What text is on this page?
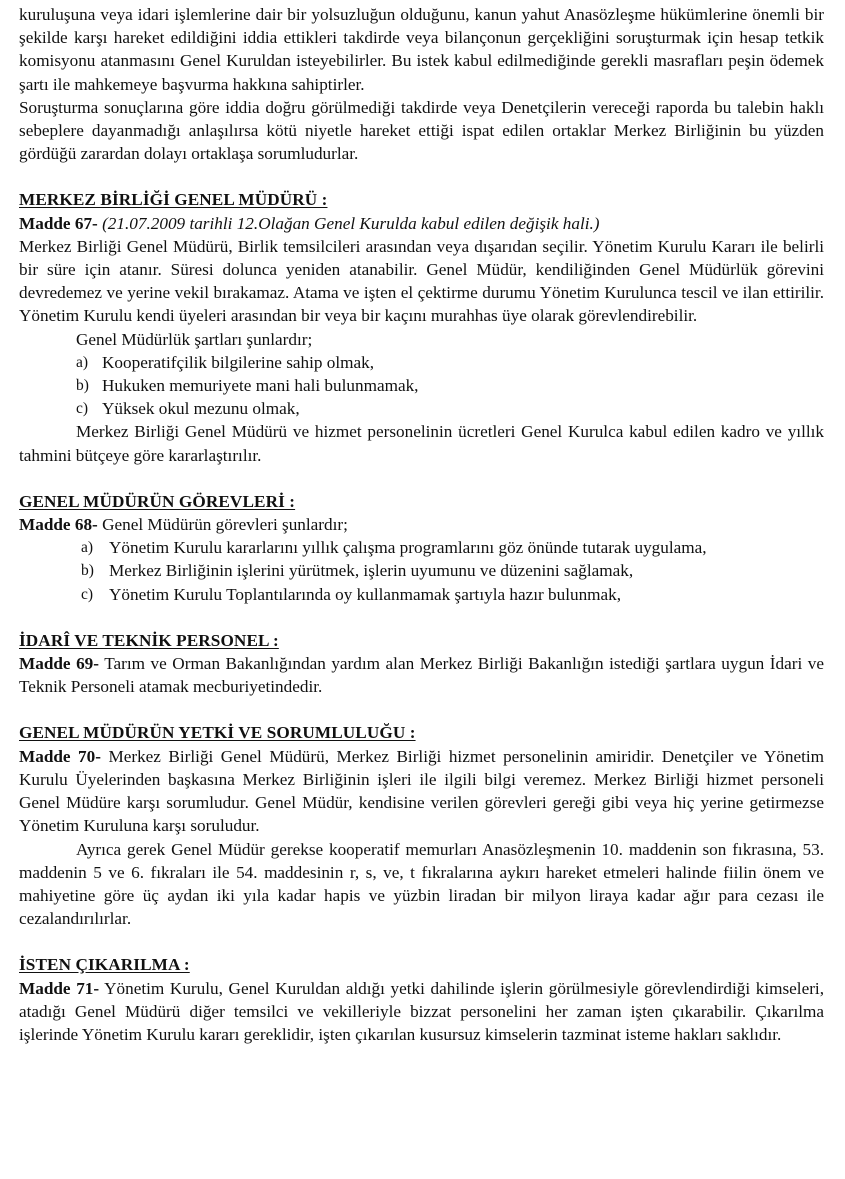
kuruluşuna veya idari işlemlerine dair bir yolsuzluğun olduğunu, kanun yahut Anasözleşme hükümlerine önemli bir şekilde karşı hareket edildiğini iddia ettikleri takdirde veya bilançonun gerçekliğini soruşturmak için hesap tetkik komisyonu atanmasını Genel Kuruldan isteyebilirler. Bu istek kabul edilmediğinde gerekli masrafları peşin ödemek şartı ile mahkemeye başvurma hakkına sahiptirler.

Soruşturma sonuçlarına göre iddia doğru görülmediği takdirde veya Denetçilerin vereceği raporda bu talebin haklı sebeplere dayanmadığı anlaşılırsa kötü niyetle hareket ettiği ispat edilen ortaklar Merkez Birliğinin bu yüzden gördüğü zarardan dolayı ortaklaşa sorumludurlar.

MERKEZ BİRLİĞİ GENEL MÜDÜRÜ :

Madde 67- (21.07.2009 tarihli 12.Olağan Genel Kurulda kabul edilen değişik hali.)

Merkez Birliği Genel Müdürü, Birlik temsilcileri arasından veya dışarıdan seçilir. Yönetim Kurulu Kararı ile belirli bir süre için atanır. Süresi dolunca yeniden atanabilir. Genel Müdür, kendiliğinden Genel Müdürlük görevini devredemez ve yerine vekil bırakamaz. Atama ve işten el çektirme durumu Yönetim Kurulunca tescil ve ilan ettirilir. Yönetim Kurulu kendi üyeleri arasından bir veya bir kaçını murahhas üye olarak görevlendirebilir.

Genel Müdürlük şartları şunlardır;

a) Kooperatifçilik bilgilerine sahip olmak,
b) Hukuken memuriyete mani hali bulunmamak,
c) Yüksek okul mezunu olmak,

Merkez Birliği Genel Müdürü ve hizmet personelinin ücretleri Genel Kurulca kabul edilen kadro ve yıllık tahmini bütçeye göre kararlaştırılır.

GENEL MÜDÜRÜN GÖREVLERİ :

Madde 68- Genel Müdürün görevleri şunlardır;

a) Yönetim Kurulu kararlarını yıllık çalışma programlarını göz önünde tutarak uygulama,
b) Merkez Birliğinin işlerini yürütmek, işlerin uyumunu ve düzenini sağlamak,
c) Yönetim Kurulu Toplantılarında oy kullanmamak şartıyla hazır bulunmak,
İDARÎ VE TEKNİK PERSONEL :

Madde 69- Tarım ve Orman Bakanlığından yardım alan Merkez Birliği Bakanlığın istediği şartlara uygun İdari ve Teknik Personeli atamak mecburiyetindedir.

GENEL MÜDÜRÜN YETKİ VE SORUMLULUĞU :

Madde 70- Merkez Birliği Genel Müdürü, Merkez Birliği hizmet personelinin amiridir. Denetçiler ve Yönetim Kurulu Üyelerinden başkasına Merkez Birliğinin işleri ile ilgili bilgi veremez. Merkez Birliği hizmet personeli Genel Müdüre karşı sorumludur. Genel Müdür, kendisine verilen görevleri gereği gibi veya hiç yerine getirmezse Yönetim Kuruluna karşı soruludur.

Ayrıca gerek Genel Müdür gerekse kooperatif memurları Anasözleşmenin 10. maddenin son fıkrasına, 53. maddenin 5 ve 6. fıkraları ile 54. maddesinin r, s, ve, t fıkralarına aykırı hareket etmeleri halinde fiilin önem ve mahiyetine göre üç aydan iki yıla kadar hapis ve yüzbin liradan bir milyon liraya kadar ağır para cezası ile cezalandırılırlar.

İSTEN ÇIKARILMA :

Madde 71- Yönetim Kurulu, Genel Kuruldan aldığı yetki dahilinde işlerin görülmesiyle görevlendirdiği kimseleri, atadığı Genel Müdürü diğer temsilci ve vekilleriyle bizzat personelini her zaman işten çıkarabilir. Çıkarılma işlerinde Yönetim Kurulu kararı gereklidir, işten çıkarılan kusursuz kimselerin tazminat isteme hakları saklıdır.
